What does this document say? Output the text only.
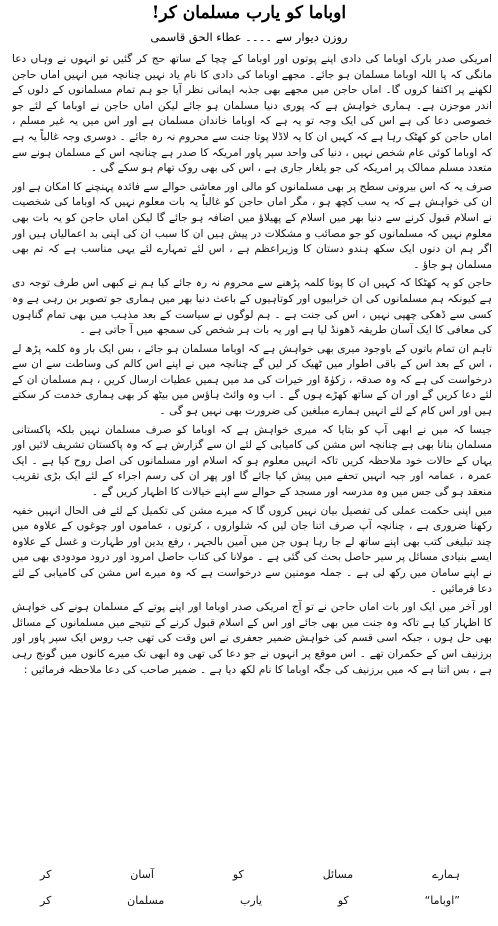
اوباما کو یارب مسلمان کر!
روزن دیوار سے ۔۔۔۔ عطاء الحق قاسمی

امریکی صدر بارک اوباما کی دادی اپنے پوتوں اور اوباما کے چچا کے ساتھ حج کر گئیں تو انہوں نے وہاں دعا مانگی کہ یا اللہ اوباما مسلمان ہو جائے۔ مجھے اوباما کی دادی کا نام یاد نہیں چنانچہ میں انہیں اماں حاجن لکھنے پر اکتفا کروں گا۔ اماں حاجن میں مجھے بھی جذبہ ایمانی نظر آیا جو ہم تمام مسلمانوں کے دلوں کے اندر موجزن ہے۔ ہماری خواہش ہے کہ پوری دنیا مسلمان ہو جائے لیکن اماں حاجن نے اوباما کے لئے جو خصوصی دعا کی ہے اس کی ایک وجہ تو یہ ہے کہ اوباما خاندان مسلمان ہے اور اس میں یہ غیر مسلم ، اماں حاجن کو کھٹک رہا ہے کہ کہیں ان کا یہ لاڈلا پوتا جنت سے محروم نہ رہ جائے ۔ دوسری وجہ غالباً یہ ہے کہ اوباما کوئی عام شخص نہیں ، دنیا کی واحد سپر پاور امریکہ کا صدر ہے چنانچہ اس کے مسلمان ہونے سے متعدد مسلم ممالک پر امریکہ کی جو یلغار جاری ہے ، اس کی بھی روک تھام ہو سکے گی ۔

صرف یہ کہ اس بیرونی سطح پر بھی مسلمانوں کو مالی اور معاشی حوالے سے فائدہ پہنچنے کا امکان ہے اور ان کی خواہش ہے کہ یہ سب کچھ ہو ، مگر اماں حاجن کو غالباً یہ بات معلوم نہیں کہ اوباما کی شخصیت نے اسلام قبول کرنے سے دنیا بھر میں اسلام کے پھیلاؤ میں اضافہ ہو جائے گا لیکن اماں حاجن کو یہ بات بھی معلوم نہیں کہ مسلمانوں کو جو مصائب و مشکلات در پیش ہیں ان کا سبب ان کی اپنی بد اعمالیاں ہیں اور اگر ہم ان دنوں ایک سکھ ہندو دستان کا وزیراعظم ہے ، اس لئے تمہارے لئے یہی مناسب ہے کہ تم بھی مسلمان ہو جاؤ ۔

حاجن کو یہ کھٹکا کہ کہیں ان کا پوتا کلمہ پڑھنے سے محروم نہ رہ جائے کیا ہم نے کبھی اس طرف توجہ دی ہے کیونکہ ہم مسلمانوں کی ان خرابیوں اور کوتاہیوں کے باعث دنیا بھر میں ہماری جو تصویر بن رہی ہے وہ کسی سے ڈھکی چھپی نہیں ، اس کی جنت ہے ۔ ہم لوگوں نے سیاست کے بعد مذہب میں بھی تمام گناہوں کی معافی کا ایک آسان طریقہ ڈھونڈ لیا ہے اور یہ بات ہر شخص کی سمجھ میں آ جاتی ہے ۔

تاہم ان تمام باتوں کے باوجود میری بھی خواہش ہے کہ اوباما مسلمان ہو جائے ، بس ایک بار وہ کلمہ پڑھ لے ، اس کے بعد اس کے باقی اطوار میں ٹھیک کر لیں گے چنانچہ میں نے اپنے اس کالم کی وساطت سے ان سے درخواست کی ہے کہ وہ صدقہ ، زکوٰۃ اور خیرات کی مد میں ہمیں عطیات ارسال کریں ، ہم مسلمان ان کے لئے دعا کریں گے اور ان کے ساتھ کھڑے ہوں گے ۔ اب وہ وائٹ ہاؤس میں بیٹھ کر بھی ہماری خدمت کر سکتے ہیں اور اس کام کے لئے انہیں ہمارے مبلغین کی ضرورت بھی نہیں ہو گی ۔

جیسا کہ میں نے ابھی آپ کو بتایا کہ میری خواہش ہے کہ اوباما کو صرف مسلمان نہیں بلکہ پاکستانی مسلمان بنانا بھی ہے چنانچہ اس مشن کی کامیابی کے لئے ان سے گزارش ہے کہ وہ پاکستان تشریف لائیں اور یہاں کے حالات خود ملاحظہ کریں تاکہ انہیں معلوم ہو کہ اسلام اور مسلمانوں کی اصل روح کیا ہے ۔ ایک عمرہ ، عمامہ اور جبہ انہیں تحفے میں پیش کیا جائے گا اور پھر ان کی رسم اجراء کے لئے ایک بڑی تقریب منعقد ہو گی جس میں وہ مدرسہ اور مسجد کے حوالے سے اپنے خیالات کا اظہار کریں گے ۔

میں اپنی حکمت عملی کی تفصیل بیان نہیں کروں گا کہ میرے مشن کی تکمیل کے لئے فی الحال انہیں خفیہ رکھنا ضروری ہے ، چنانچہ آپ صرف اتنا جان لیں کہ شلواروں ، کرتوں ، عماموں اور چوغوں کے علاوہ میں چند تبلیغی کتب بھی اپنے ساتھ لے جا رہا ہوں جن میں آمین بالجہر ، رفع یدین اور طہارت و غسل کے علاوہ ایسے بنیادی مسائل پر سیر حاصل بحث کی گئی ہے ۔ مولانا کی کتاب حاصل امرود اور درود مودودی بھی میں نے اپنے سامان میں رکھ لی ہے ۔ جملہ مومنین سے درخواست ہے کہ وہ میرے اس مشن کی کامیابی کے لئے دعا فرمائیں ۔

اور آخر میں ایک اور بات اماں حاجن نے تو آج امریکی صدر اوباما اور اپنے پوتے کے مسلمان ہونے کی خواہش کا اظہار کیا ہے تاکہ وہ جنت میں بھی جائے اور اس کے اسلام قبول کرنے کے نتیجے میں مسلمانوں کے مسائل بھی حل ہوں ، جبکہ اسی قسم کی خواہش ضمیر جعفری نے اس وقت کی تھی جب روس ایک سپر پاور اور برزنیف اس کے حکمران تھے ۔ اس موقع پر انہوں نے جو دعا کی تھی وہ ابھی تک میرے کانوں میں گونج رہی ہے ، بس اتنا ہے کہ میں برزنیف کی جگہ اوباما کا نام لکھ دیا ہے ۔ ضمیر صاحب کی دعا ملاحظہ فرمائیں :

ہمارے
مسائل
کو
آسان
کر
”اوباما“
کو
یارب
مسلمان
کر
